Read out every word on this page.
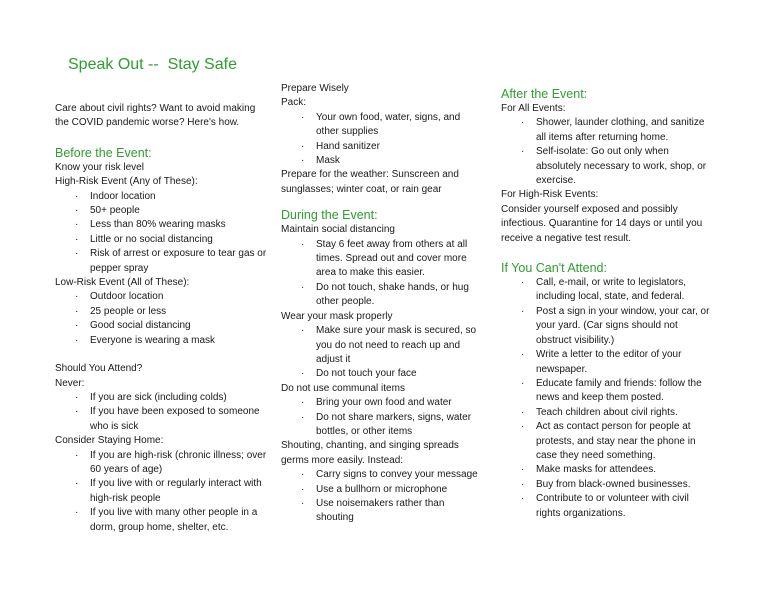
Speak Out --  Stay Safe

Care about civil rights? Want to avoid making the COVID pandemic worse? Here's how.

Before the Event:

Know your risk level

High-Risk Event (Any of These):

· Indoor location
· 50+ people
· Less than 80% wearing masks
· Little or no social distancing
· Risk of arrest or exposure to tear gas or pepper spray

Low-Risk Event (All of These):

· Outdoor location
· 25 people or less
· Good social distancing
· Everyone is wearing a mask

Should You Attend?

Never:

· If you are sick (including colds)
· If you have been exposed to someone who is sick

Consider Staying Home:

· If you are high-risk (chronic illness; over 60 years of age)
· If you live with or regularly interact with high-risk people
· If you live with many other people in a dorm, group home, shelter, etc.

Prepare Wisely

Pack:

· Your own food, water, signs, and other supplies
· Hand sanitizer
· Mask

Prepare for the weather: Sunscreen and sunglasses; winter coat, or rain gear

During the Event:

Maintain social distancing

· Stay 6 feet away from others at all times. Spread out and cover more area to make this easier.
· Do not touch, shake hands, or hug other people.

Wear your mask properly

· Make sure your mask is secured, so you do not need to reach up and adjust it
· Do not touch your face

Do not use communal items

· Bring your own food and water
· Do not share markers, signs, water bottles, or other items

Shouting, chanting, and singing spreads germs more easily. Instead:

· Carry signs to convey your message
· Use a bullhorn or microphone
· Use noisemakers rather than shouting

After the Event:

For All Events:

· Shower, launder clothing, and sanitize all items after returning home.
· Self-isolate: Go out only when absolutely necessary to work, shop, or exercise.

For High-Risk Events:

Consider yourself exposed and possibly infectious. Quarantine for 14 days or until you receive a negative test result.

If You Can't Attend:

· Call, e-mail, or write to legislators, including local, state, and federal.
· Post a sign in your window, your car, or your yard. (Car signs should not obstruct visibility.)
· Write a letter to the editor of your newspaper.
· Educate family and friends: follow the news and keep them posted.
· Teach children about civil rights.
· Act as contact person for people at protests, and stay near the phone in case they need something.
· Make masks for attendees.
· Buy from black-owned businesses.
· Contribute to or volunteer with civil rights organizations.
